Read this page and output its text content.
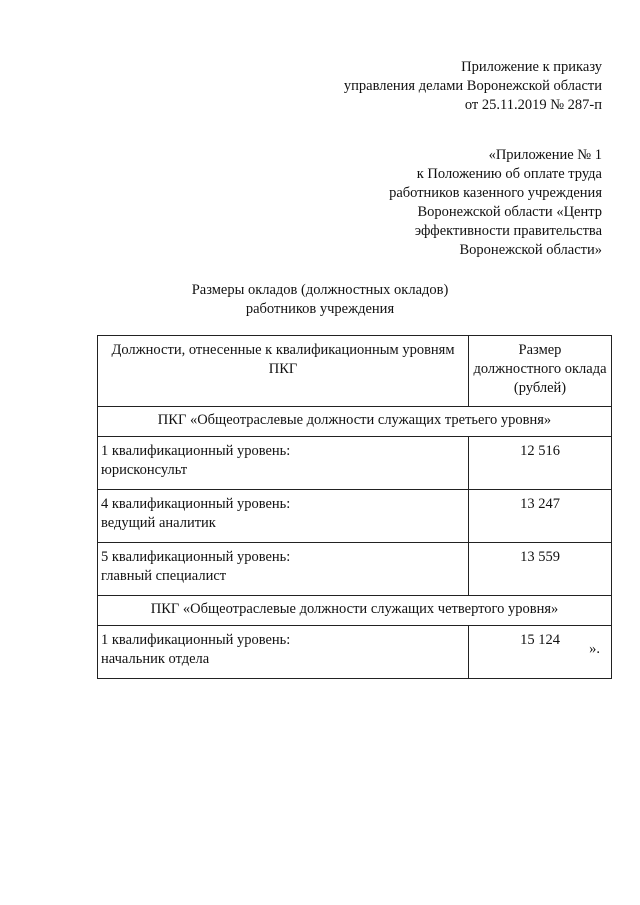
Приложение к приказу
управления делами Воронежской области
от 25.11.2019 № 287-п
«Приложение № 1
к Положению об оплате труда
работников казенного учреждения
Воронежской области «Центр
эффективности правительства
Воронежской области»
Размеры окладов (должностных окладов)
работников учреждения
Должности, отнесенные к квалификационным уровням ПКГ	Размер должностного оклада (рублей)
ПКГ «Общеотраслевые должности служащих третьего уровня»	

1 квалификационный уровень:
юрисконсульт	12 516

4 квалификационный уровень:
ведущий аналитик	13 247

5 квалификационный уровень:
главный специалист	13 559
ПКГ «Общеотраслевые должности служащих четвертого уровня»	

1 квалификационный уровень:
начальник отдела	15 124
».
